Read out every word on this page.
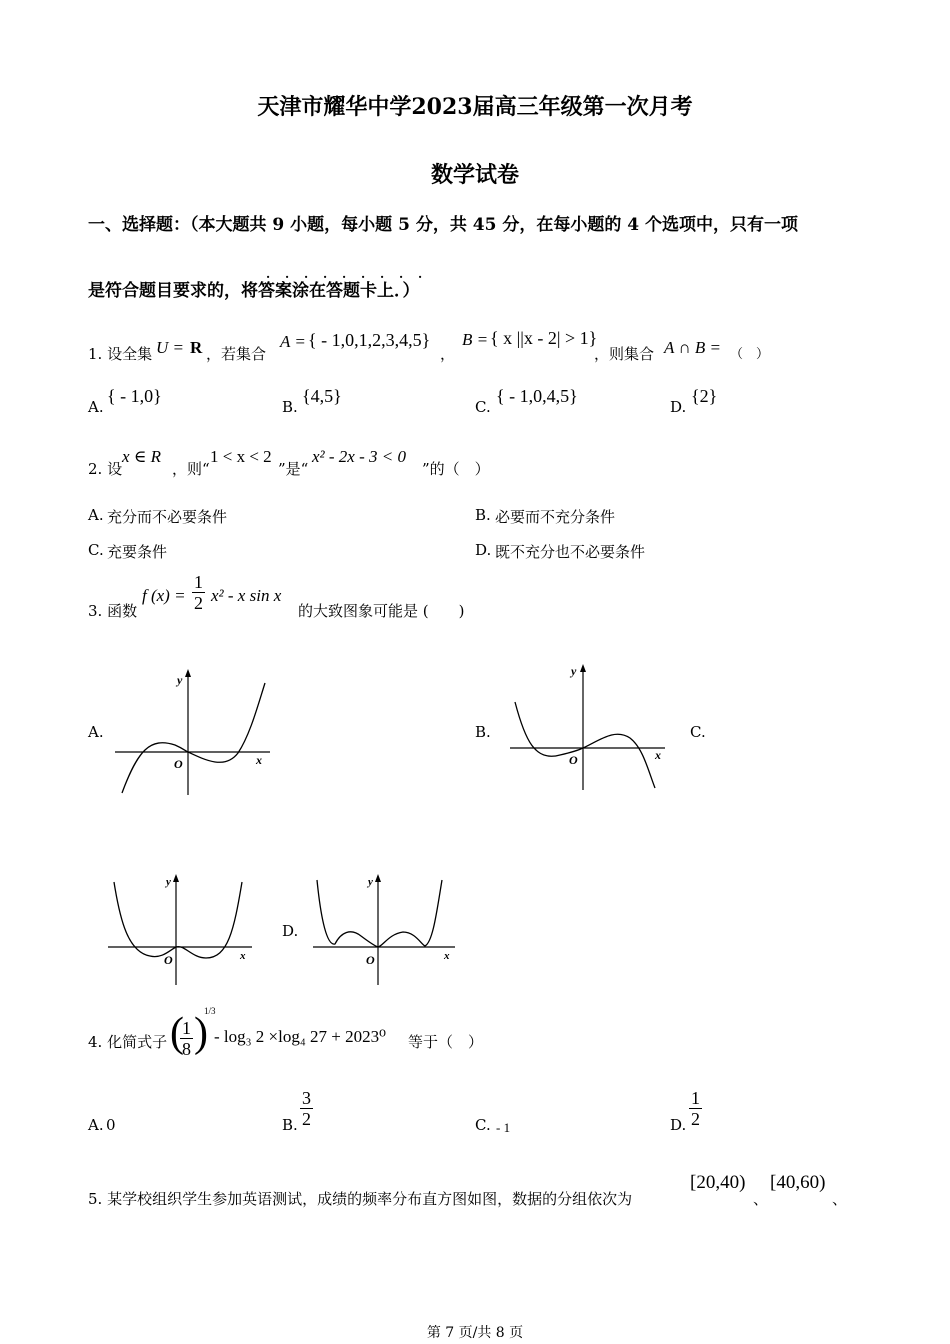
天津市耀华中学2023届高三年级第一次月考
数学试卷
一、选择题：（本大题共 9 小题，每小题 5 分，共 45 分，在每小题的 4 个选项中，只有一项
是符合题目要求的，将答案涂在答题卡上．）
. . . . . . . . .
1. 设全集 U = R ，若集合
A = { - 1,0,1,2,3,4,5}
，
B = { x ||x - 2| > 1}
，则集合 A ∩ B = （　）
A.
{ - 1,0}
B.
{4,5}
C.
{ - 1,0,4,5}
D.
{2}
2. 设
x ∈ R
，则“
1 < x < 2
”是“
x² - 2x - 3 < 0
”的（　）
A. 充分而不必要条件	B. 必要而不充分条件
C. 充要条件	D. 既不充分也不必要条件
3. 函数
f $(x) = \frac{1}{2} x^2 - x$ sin x
的大致图象可能是 (　　)
A.	B.	C.
D.
y
x
O
y
x
O
y
x
O
y
x
O
4. 化简式子 (
$\frac{1}{8}$ )
1/3
- log₃ 2 ×log₄ 27 + 2023⁰ 等于（　）
A. 0	B. $\frac{3}{2}$	C. - 1	D. $\frac{1}{2}$
5. 某学校组织学生参加英语测试，成绩的频率分布直方图如图，数据的分组依次为
[20,40)
、
[40,60)
、
第 7 页/共 8 页
